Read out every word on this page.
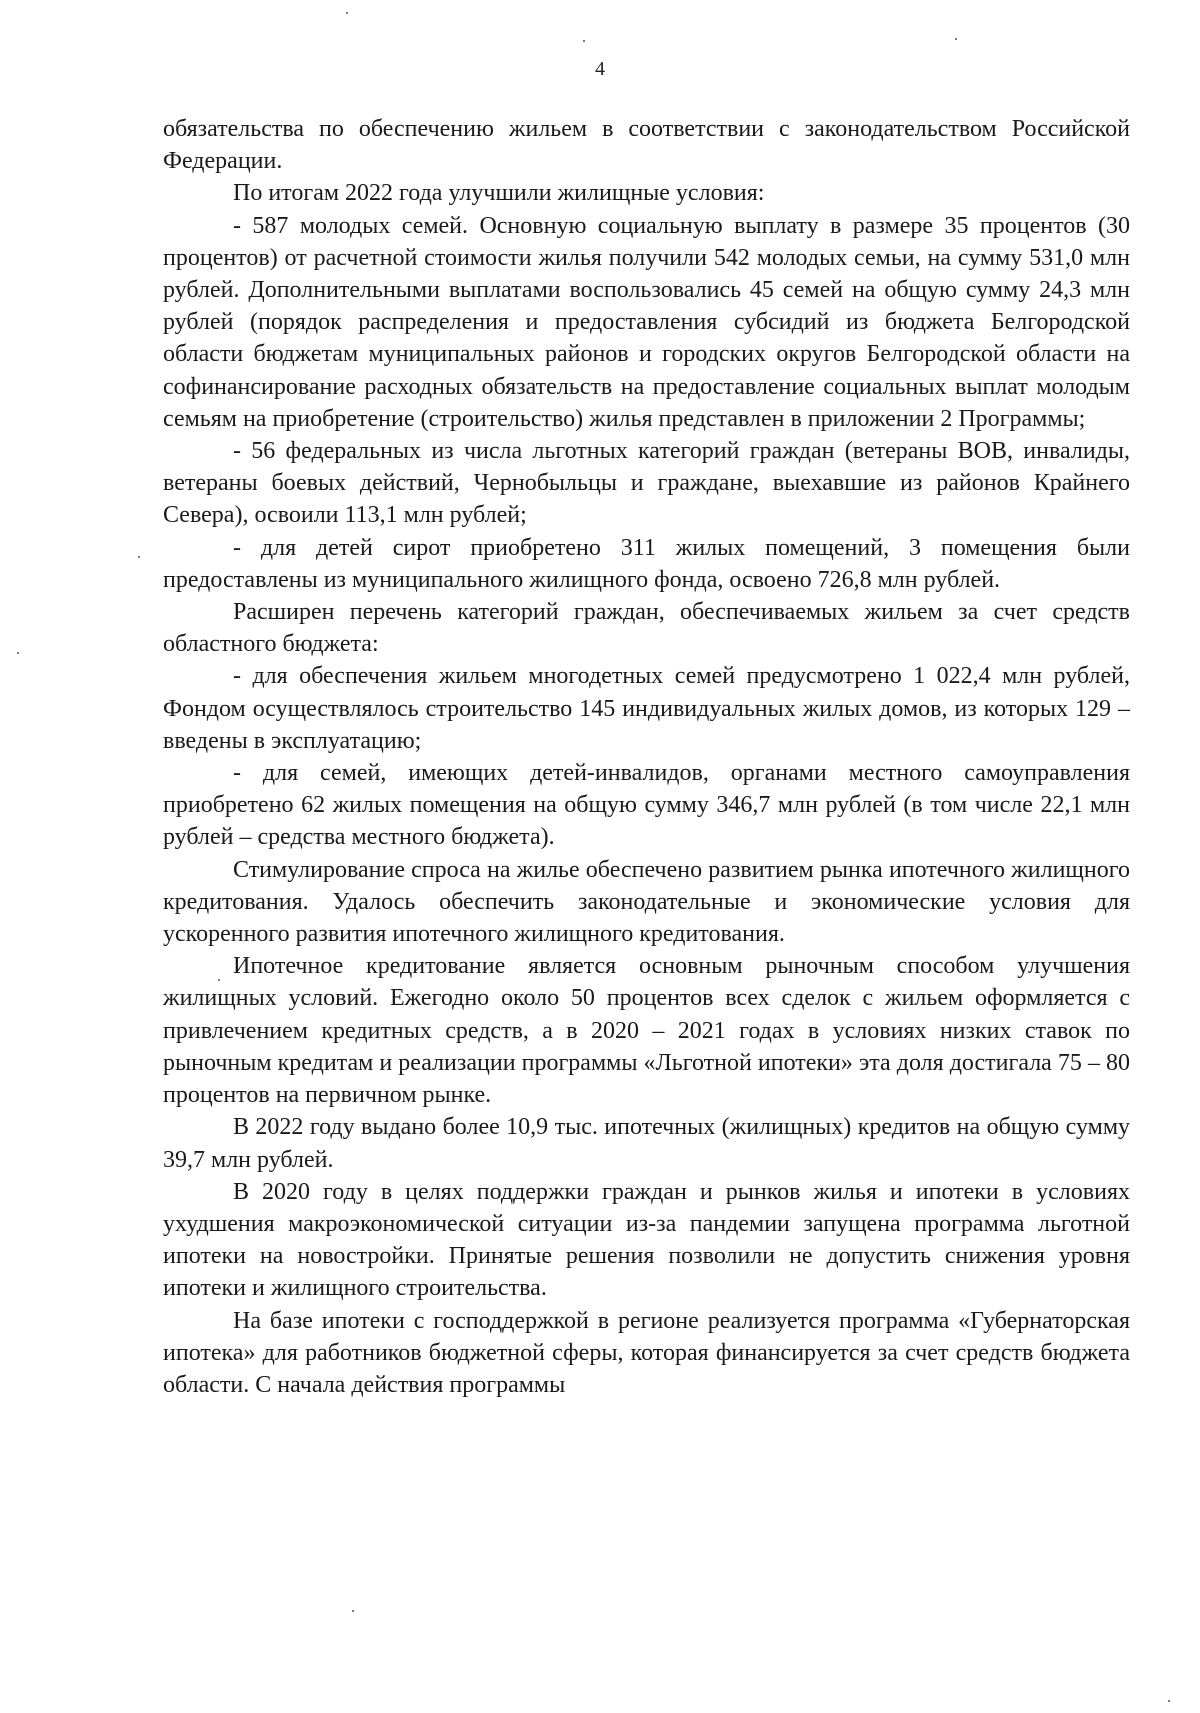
4

обязательства по обеспечению жильем в соответствии с законодательством Российской Федерации.

По итогам 2022 года улучшили жилищные условия:

- 587 молодых семей. Основную социальную выплату в размере 35 процентов (30 процентов) от расчетной стоимости жилья получили 542 молодых семьи, на сумму 531,0 млн рублей. Дополнительными выплатами воспользовались 45 семей на общую сумму 24,3 млн рублей (порядок распределения и предоставления субсидий из бюджета Белгородской области бюджетам муниципальных районов и городских округов Белгородской области на софинансирование расходных обязательств на предоставление социальных выплат молодым семьям на приобретение (строительство) жилья представлен в приложении 2 Программы;

- 56 федеральных из числа льготных категорий граждан (ветераны ВОВ, инвалиды, ветераны боевых действий, Чернобыльцы и граждане, выехавшие из районов Крайнего Севера), освоили 113,1 млн рублей;

- для детей сирот приобретено 311 жилых помещений, 3 помещения были предоставлены из муниципального жилищного фонда, освоено 726,8 млн рублей.

Расширен перечень категорий граждан, обеспечиваемых жильем за счет средств областного бюджета:

- для обеспечения жильем многодетных семей предусмотрено 1 022,4 млн рублей, Фондом осуществлялось строительство 145 индивидуальных жилых домов, из которых 129 – введены в эксплуатацию;

- для семей, имеющих детей-инвалидов, органами местного самоуправления приобретено 62 жилых помещения на общую сумму 346,7 млн рублей (в том числе 22,1 млн рублей – средства местного бюджета).

Стимулирование спроса на жилье обеспечено развитием рынка ипотечного жилищного кредитования. Удалось обеспечить законодательные и экономические условия для ускоренного развития ипотечного жилищного кредитования.

Ипотечное кредитование является основным рыночным способом улучшения жилищных условий. Ежегодно около 50 процентов всех сделок с жильем оформляется с привлечением кредитных средств, а в 2020 – 2021 годах в условиях низких ставок по рыночным кредитам и реализации программы «Льготной ипотеки» эта доля достигала 75 – 80 процентов на первичном рынке.

В 2022 году выдано более 10,9 тыс. ипотечных (жилищных) кредитов на общую сумму 39,7 млн рублей.

В 2020 году в целях поддержки граждан и рынков жилья и ипотеки в условиях ухудшения макроэкономической ситуации из-за пандемии запущена программа льготной ипотеки на новостройки. Принятые решения позволили не допустить снижения уровня ипотеки и жилищного строительства.

На базе ипотеки с господдержкой в регионе реализуется программа «Губернаторская ипотека» для работников бюджетной сферы, которая финансируется за счет средств бюджета области. С начала действия программы
